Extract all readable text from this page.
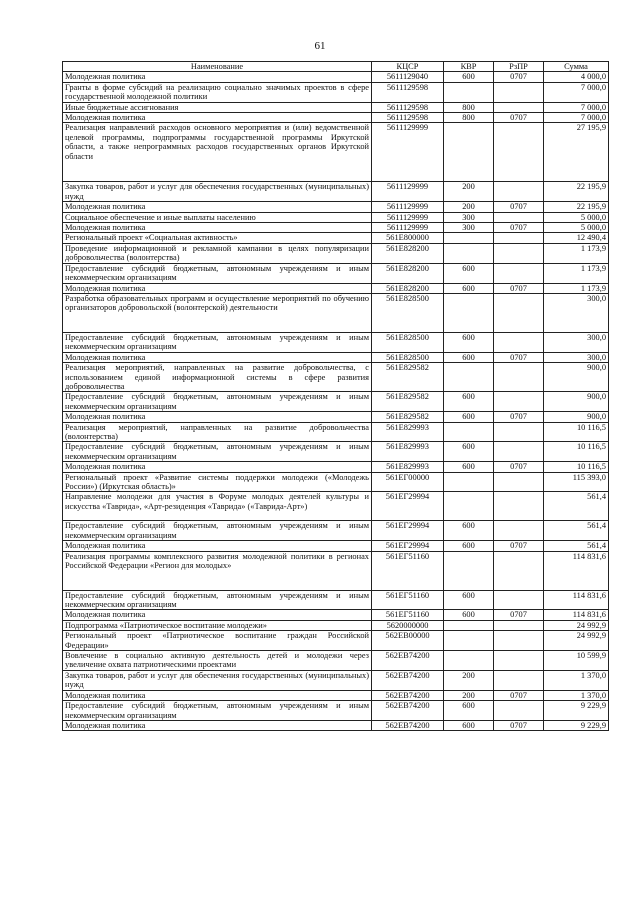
61
Наименование	КЦСР	КВР	РзПР	Сумма
Молодежная политика	5611129040	600	0707	4 000,0
Гранты в форме субсидий на реализацию социально значимых проектов в сфере государственной молодежной политики	5611129598			7 000,0
Иные бюджетные ассигнования	5611129598	800		7 000,0
Молодежная политика	5611129598	800	0707	7 000,0
Реализация направлений расходов основного мероприятия и (или) ведомственной целевой программы, подпрограммы государственной программы Иркутской области, а также непрограммных расходов государственных органов Иркутской области	5611129999			27 195,9
Закупка товаров, работ и услуг для обеспечения государственных (муниципальных) нужд	5611129999	200		22 195,9
Молодежная политика	5611129999	200	0707	22 195,9
Социальное обеспечение и иные выплаты населению	5611129999	300		5 000,0
Молодежная политика	5611129999	300	0707	5 000,0
Региональный проект «Социальная активность»	561E800000			12 490,4
Проведение информационной и рекламной кампании в целях популяризации добровольчества (волонтерства)	561E828200			1 173,9
Предоставление субсидий бюджетным, автономным учреждениям и иным некоммерческим организациям	561E828200	600		1 173,9
Молодежная политика	561E828200	600	0707	1 173,9
Разработка образовательных программ и осуществление мероприятий по обучению организаторов добровольской (волонтерской) деятельности	561E828500			300,0
Предоставление субсидий бюджетным, автономным учреждениям и иным некоммерческим организациям	561E828500	600		300,0
Молодежная политика	561E828500	600	0707	300,0
Реализация мероприятий, направленных на развитие добровольчества, с использованием единой информационной системы в сфере развития добровольчества	561E829582			900,0
Предоставление субсидий бюджетным, автономным учреждениям и иным некоммерческим организациям	561E829582	600		900,0
Молодежная политика	561E829582	600	0707	900,0
Реализация мероприятий, направленных на развитие добровольчества (волонтерства)	561E829993			10 116,5
Предоставление субсидий бюджетным, автономным учреждениям и иным некоммерческим организациям	561E829993	600		10 116,5
Молодежная политика	561E829993	600	0707	10 116,5
Региональный проект «Развитие системы поддержки молодежи («Молодежь России») (Иркутская область)»	561EГ00000			115 393,0
Направление молодежи для участия в Форуме молодых деятелей культуры и искусства «Таврида», «Арт-резиденция «Таврида» («Таврида-Арт»)	561EГ29994			561,4
Предоставление субсидий бюджетным, автономным учреждениям и иным некоммерческим организациям	561EГ29994	600		561,4
Молодежная политика	561EГ29994	600	0707	561,4
Реализация программы комплексного развития молодежной политики в регионах Российской Федерации «Регион для молодых»	561EГ51160			114 831,6
Предоставление субсидий бюджетным, автономным учреждениям и иным некоммерческим организациям	561EГ51160	600		114 831,6
Молодежная политика	561EГ51160	600	0707	114 831,6
Подпрограмма «Патриотическое воспитание молодежи»	5620000000			24 992,9
Региональный проект «Патриотическое воспитание граждан Российской Федерации»	562EB00000			24 992,9
Вовлечение в социально активную деятельность детей и молодежи через увеличение охвата патриотическими проектами	562EB74200			10 599,9
Закупка товаров, работ и услуг для обеспечения государственных (муниципальных) нужд	562EB74200	200		1 370,0
Молодежная политика	562EB74200	200	0707	1 370,0
Предоставление субсидий бюджетным, автономным учреждениям и иным некоммерческим организациям	562EB74200	600		9 229,9
Молодежная политика	562EB74200	600	0707	9 229,9
